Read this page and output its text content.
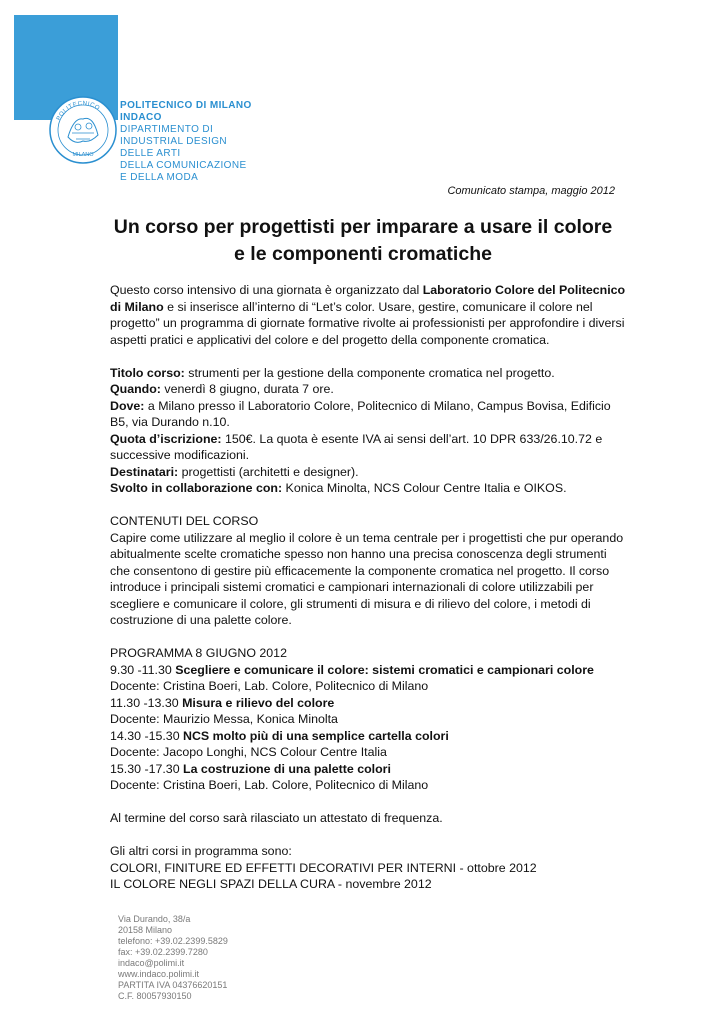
POLITECNICO
MILANO
POLITECNICO DI MILANO
INDACO
DIPARTIMENTO DI
INDUSTRIAL DESIGN
DELLE ARTI
DELLA COMUNICAZIONE
E DELLA MODA
Comunicato stampa, maggio 2012
Un corso per progettisti per imparare a usare il colore e le componenti cromatiche

Questo corso intensivo di una giornata è organizzato dal Laboratorio Colore del Politecnico di Milano e si inserisce all’interno di “Let’s color. Usare, gestire, comunicare il colore nel progetto” un programma di giornate formative rivolte ai professionisti per approfondire i diversi aspetti pratici e applicativi del colore e del progetto della componente cromatica.

Titolo corso: strumenti per la gestione della componente cromatica nel progetto.

Quando: venerdì 8 giugno, durata 7 ore.

Dove: a Milano presso il Laboratorio Colore, Politecnico di Milano, Campus Bovisa, Edificio B5, via Durando n.10.

Quota d’iscrizione: 150€. La quota è esente IVA ai sensi dell’art. 10 DPR 633/26.10.72 e successive modificazioni.

Destinatari: progettisti (architetti e designer).

Svolto in collaborazione con: Konica Minolta, NCS Colour Centre Italia e OIKOS.

CONTENUTI DEL CORSO

Capire come utilizzare al meglio il colore è un tema centrale per i progettisti che pur operando abitualmente scelte cromatiche spesso non hanno una precisa conoscenza degli strumenti che consentono di gestire più efficacemente la componente cromatica nel progetto. Il corso introduce i principali sistemi cromatici e campionari internazionali di colore utilizzabili per scegliere e comunicare il colore, gli strumenti di misura e di rilievo del colore, i metodi di costruzione di una palette colore.

PROGRAMMA 8 GIUGNO 2012

9.30 -11.30 Scegliere e comunicare il colore: sistemi cromatici e campionari colore

Docente: Cristina Boeri, Lab. Colore, Politecnico di Milano

11.30 -13.30 Misura e rilievo del colore

Docente: Maurizio Messa, Konica Minolta

14.30 -15.30 NCS molto più di una semplice cartella colori

Docente: Jacopo Longhi, NCS Colour Centre Italia

15.30 -17.30 La costruzione di una palette colori

Docente: Cristina Boeri, Lab. Colore, Politecnico di Milano

Al termine del corso sarà rilasciato un attestato di frequenza.

Gli altri corsi in programma sono:

COLORI, FINITURE ED EFFETTI DECORATIVI PER INTERNI - ottobre 2012

IL COLORE NEGLI SPAZI DELLA CURA - novembre 2012

Via Durando, 38/a
20158 Milano
telefono: +39.02.2399.5829
fax: +39.02.2399.7280
indaco@polimi.it
www.indaco.polimi.it
PARTITA IVA 04376620151
C.F. 80057930150
